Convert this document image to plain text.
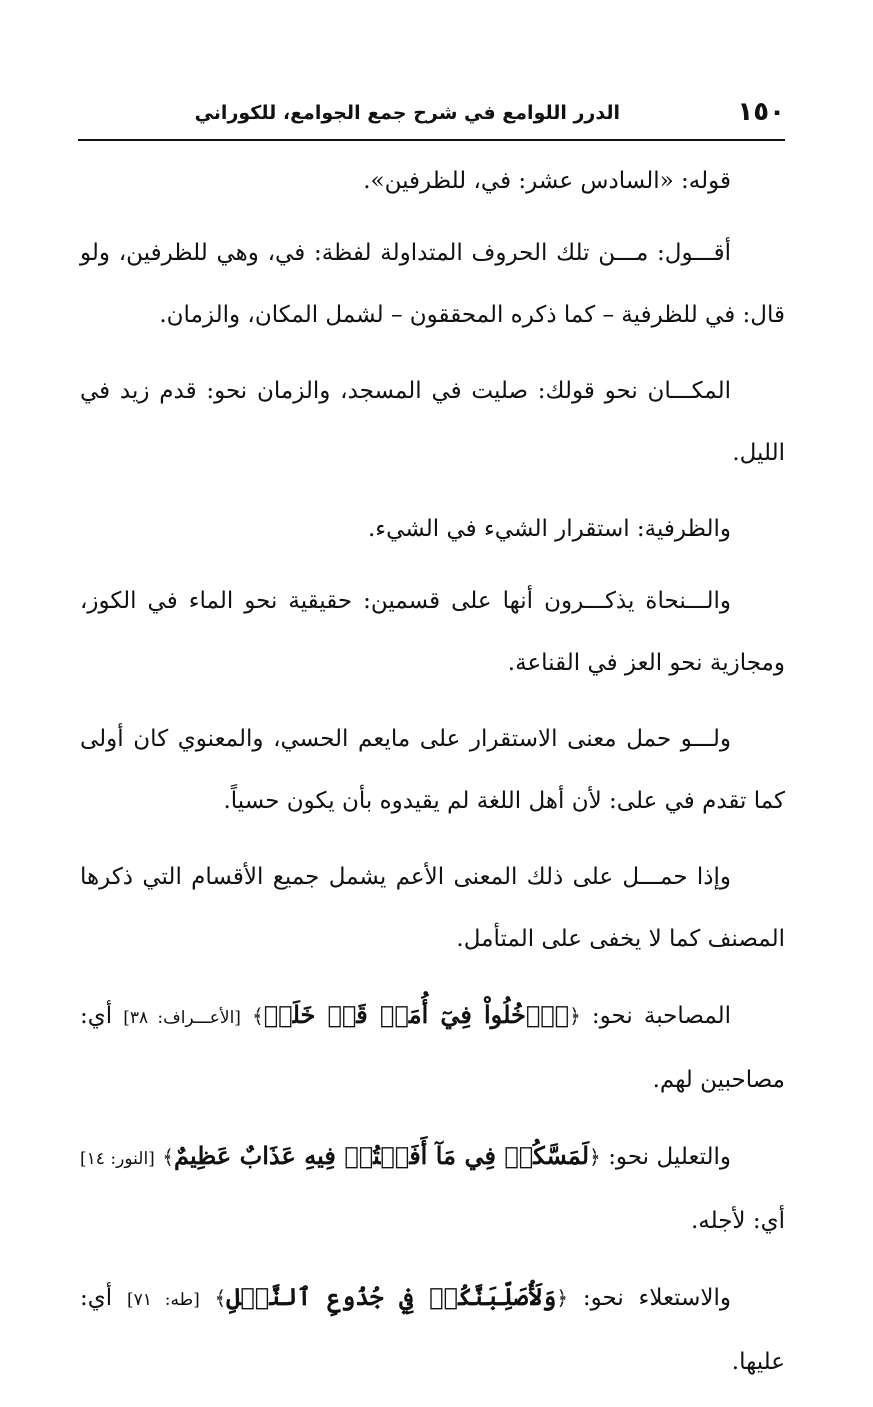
١٥٠
الدرر اللوامع في شرح جمع الجوامع، للكوراني

قوله: «السادس عشر: في، للظرفين».

أقـــول: مـــن تلك الحروف المتداولة لفظة: في، وهي للظرفين، ولو قال: في للظرفية – كما ذكره المحققون – لشمل المكان، والزمان.

المكـــان نحو قولك: صليت في المسجد، والزمان نحو: قدم زيد في الليل.

والظرفية: استقرار الشيء في الشيء.

والـــنحاة يذكـــرون أنها على قسمين: حقيقية نحو الماء في الكوز، ومجازية نحو العز في القناعة.

ولـــو حمل معنى الاستقرار على مايعم الحسي، والمعنوي كان أولى كما تقدم في على: لأن أهل اللغة لم يقيدوه بأن يكون حسياً.

وإذا حمـــل على ذلك المعنى الأعم يشمل جميع الأقسام التي ذكرها المصنف كما لا يخفى على المتأمل.

المصاحبة نحو: ﴿ٱدۡخُلُواْ فِيٓ أُمَمٖ قَدۡ خَلَتۡ﴾ [الأعـــراف: ٣٨] أي: مصاحبين لهم.

والتعليل نحو: ﴿لَمَسَّكُمۡ فِي مَآ أَفَضۡتُمۡ فِيهِ عَذَابٌ عَظِيمٌ﴾ [النور: ١٤] أي: لأجله.

والاستعلاء نحو: ﴿وَلَأُصَلِّبَنَّكُمۡ فِي جُذُوعِ ٱلنَّخۡلِ﴾ [طه: ٧١] أي: عليها.
